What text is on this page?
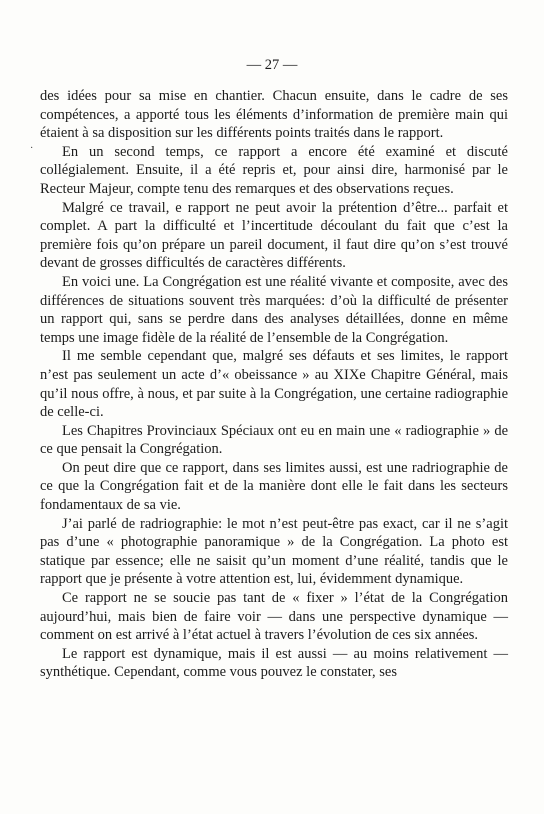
— 27 —
·

des idées pour sa mise en chantier. Chacun ensuite, dans le cadre de ses compétences, a apporté tous les éléments d’information de première main qui étaient à sa disposition sur les différents points traités dans le rapport.

En un second temps, ce rapport a encore été examiné et discuté collégialement. Ensuite, il a été repris et, pour ainsi dire, harmonisé par le Recteur Majeur, compte tenu des remarques et des observations reçues.

Malgré ce travail, e rapport ne peut avoir la prétention d’être... parfait et complet. A part la difficulté et l’incertitude découlant du fait que c’est la première fois qu’on prépare un pareil document, il faut dire qu’on s’est trouvé devant de grosses difficultés de caractères différents.

En voici une. La Congrégation est une réalité vivante et composite, avec des différences de situations souvent très marquées: d’où la difficulté de présenter un rapport qui, sans se perdre dans des analyses détaillées, donne en même temps une image fidèle de la réalité de l’ensemble de la Congrégation.

Il me semble cependant que, malgré ses défauts et ses limites, le rapport n’est pas seulement un acte d’« obeissance » au XIXe Chapitre Général, mais qu’il nous offre, à nous, et par suite à la Congrégation, une certaine radiographie de celle-ci.

Les Chapitres Provinciaux Spéciaux ont eu en main une « radiographie » de ce que pensait la Congrégation.

On peut dire que ce rapport, dans ses limites aussi, est une radriographie de ce que la Congrégation fait et de la manière dont elle le fait dans les secteurs fondamentaux de sa vie.

J’ai parlé de radriographie: le mot n’est peut-être pas exact, car il ne s’agit pas d’une « photographie panoramique » de la Congrégation. La photo est statique par essence; elle ne saisit qu’un moment d’une réalité, tandis que le rapport que je présente à votre attention est, lui, évidemment dynamique.

Ce rapport ne se soucie pas tant de « fixer » l’état de la Congrégation aujourd’hui, mais bien de faire voir — dans une perspective dynamique — comment on est arrivé à l’état actuel à travers l’évolution de ces six années.

Le rapport est dynamique, mais il est aussi — au moins relativement — synthétique. Cependant, comme vous pouvez le constater, ses
